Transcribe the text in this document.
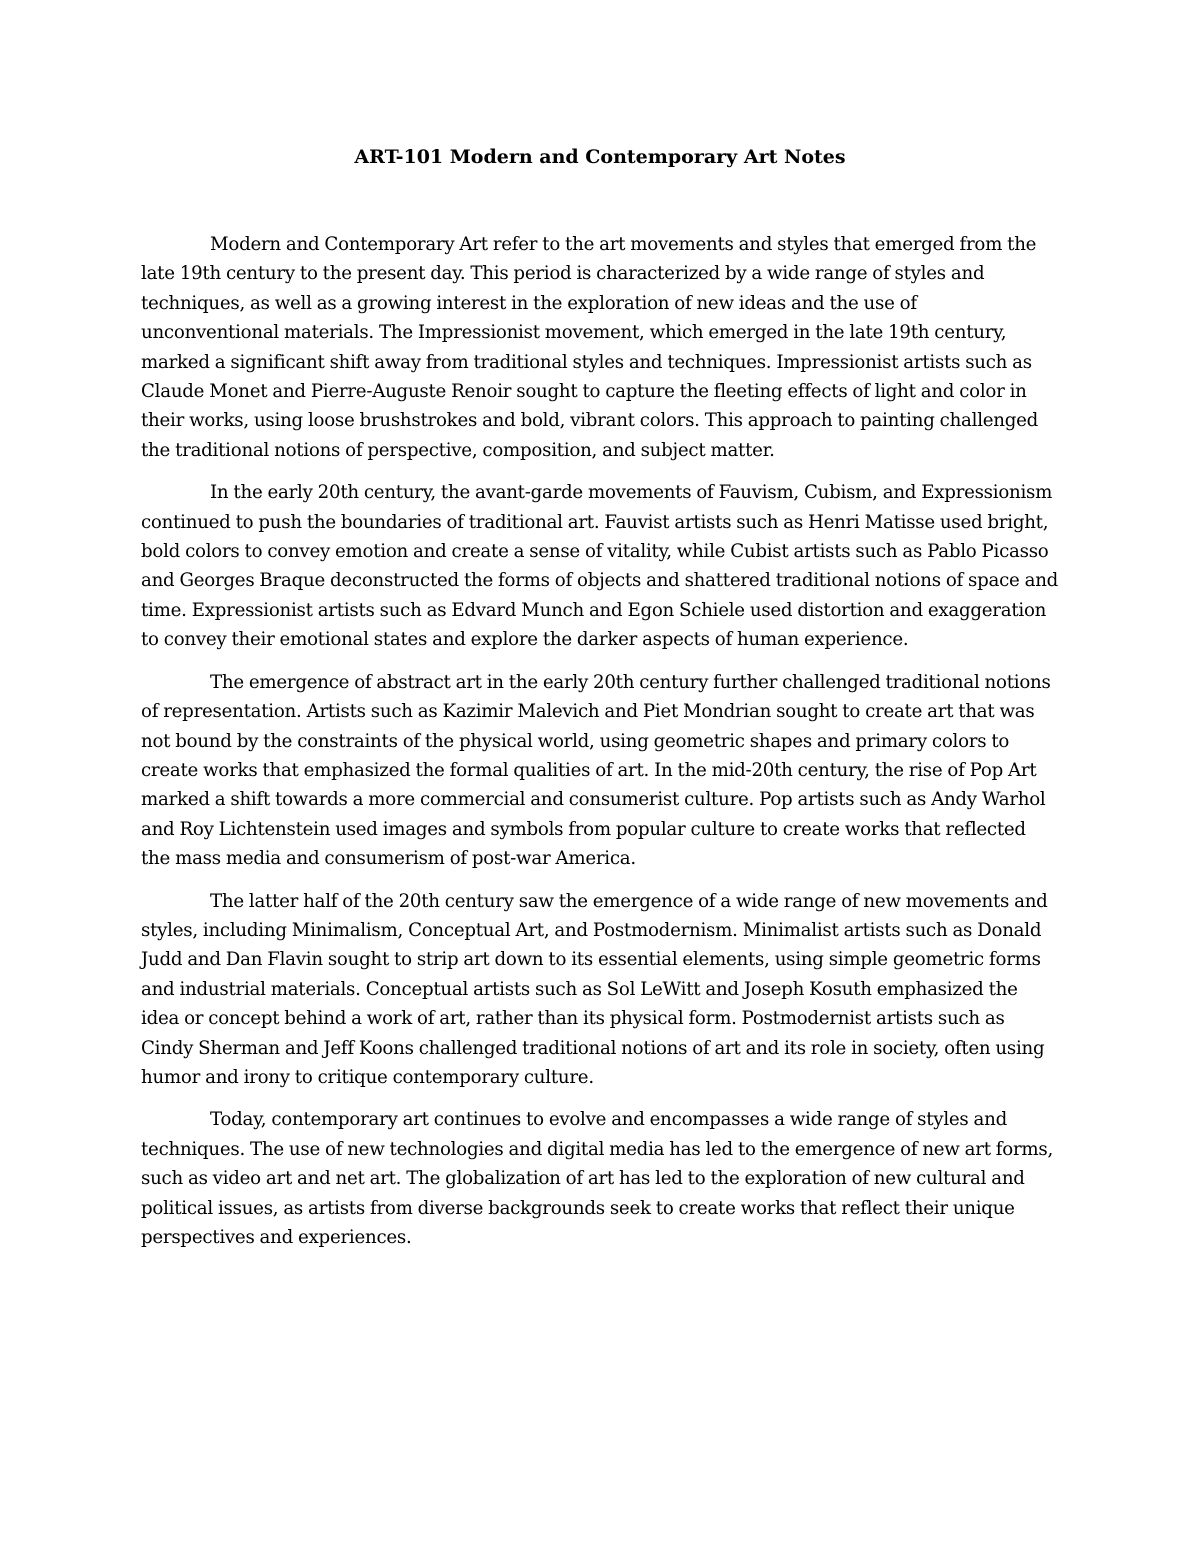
ART-101 Modern and Contemporary Art Notes

Modern and Contemporary Art refer to the art movements and styles that emerged from the late 19th century to the present day. This period is characterized by a wide range of styles and techniques, as well as a growing interest in the exploration of new ideas and the use of unconventional materials. The Impressionist movement, which emerged in the late 19th century, marked a significant shift away from traditional styles and techniques. Impressionist artists such as Claude Monet and Pierre-Auguste Renoir sought to capture the fleeting effects of light and color in their works, using loose brushstrokes and bold, vibrant colors. This approach to painting challenged the traditional notions of perspective, composition, and subject matter.

In the early 20th century, the avant-garde movements of Fauvism, Cubism, and Expressionism continued to push the boundaries of traditional art. Fauvist artists such as Henri Matisse used bright, bold colors to convey emotion and create a sense of vitality, while Cubist artists such as Pablo Picasso and Georges Braque deconstructed the forms of objects and shattered traditional notions of space and time. Expressionist artists such as Edvard Munch and Egon Schiele used distortion and exaggeration to convey their emotional states and explore the darker aspects of human experience.

The emergence of abstract art in the early 20th century further challenged traditional notions of representation. Artists such as Kazimir Malevich and Piet Mondrian sought to create art that was not bound by the constraints of the physical world, using geometric shapes and primary colors to create works that emphasized the formal qualities of art. In the mid-20th century, the rise of Pop Art marked a shift towards a more commercial and consumerist culture. Pop artists such as Andy Warhol and Roy Lichtenstein used images and symbols from popular culture to create works that reflected the mass media and consumerism of post-war America.

The latter half of the 20th century saw the emergence of a wide range of new movements and styles, including Minimalism, Conceptual Art, and Postmodernism. Minimalist artists such as Donald Judd and Dan Flavin sought to strip art down to its essential elements, using simple geometric forms and industrial materials. Conceptual artists such as Sol LeWitt and Joseph Kosuth emphasized the idea or concept behind a work of art, rather than its physical form. Postmodernist artists such as Cindy Sherman and Jeff Koons challenged traditional notions of art and its role in society, often using humor and irony to critique contemporary culture.

Today, contemporary art continues to evolve and encompasses a wide range of styles and techniques. The use of new technologies and digital media has led to the emergence of new art forms, such as video art and net art. The globalization of art has led to the exploration of new cultural and political issues, as artists from diverse backgrounds seek to create works that reflect their unique perspectives and experiences.
